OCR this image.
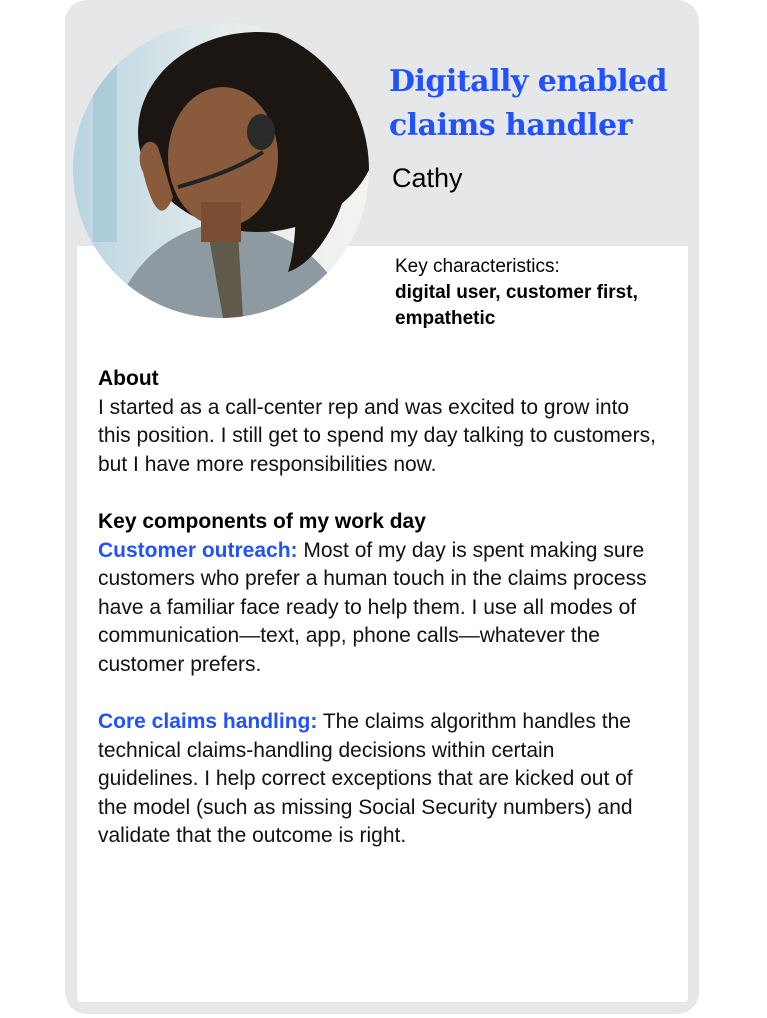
Digitally enabled claims handler
Cathy
Key characteristics:
digital user, customer first, empathetic
About
I started as a call-center rep and was excited to grow into this position. I still get to spend my day talking to customers, but I have more responsibilities now.
Key components of my work day
Customer outreach: Most of my day is spent making sure customers who prefer a human touch in the claims process have a familiar face ready to help them. I use all modes of communication—text, app, phone calls—whatever the customer prefers.
Core claims handling: The claims algorithm handles the technical claims-handling decisions within certain guidelines. I help correct exceptions that are kicked out of the model (such as missing Social Security numbers) and validate that the outcome is right.
